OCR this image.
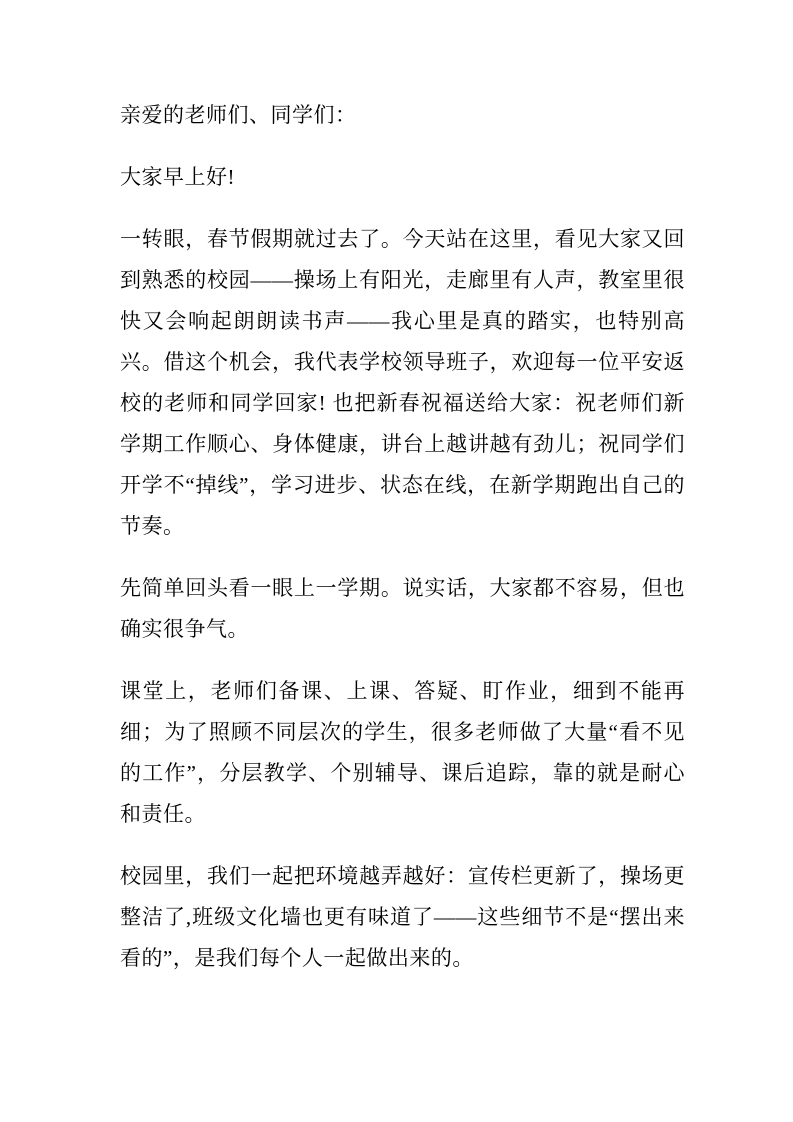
亲爱的老师们、同学们：

大家早上好!

一转眼，春节假期就过去了。今天站在这里，看见大家又回到熟悉的校园——操场上有阳光，走廊里有人声，教室里很快又会响起朗朗读书声——我心里是真的踏实，也特别高兴。借这个机会，我代表学校领导班子，欢迎每一位平安返校的老师和同学回家! 也把新春祝福送给大家：祝老师们新学期工作顺心、身体健康，讲台上越讲越有劲儿；祝同学们开学不“掉线”，学习进步、状态在线，在新学期跑出自己的节奏。

先简单回头看一眼上一学期。说实话，大家都不容易，但也确实很争气。

课堂上，老师们备课、上课、答疑、盯作业，细到不能再细；为了照顾不同层次的学生，很多老师做了大量“看不见的工作”，分层教学、个别辅导、课后追踪，靠的就是耐心和责任。

校园里，我们一起把环境越弄越好：宣传栏更新了，操场更整洁了,班级文化墙也更有味道了——这些细节不是“摆出来看的”，是我们每个人一起做出来的。
